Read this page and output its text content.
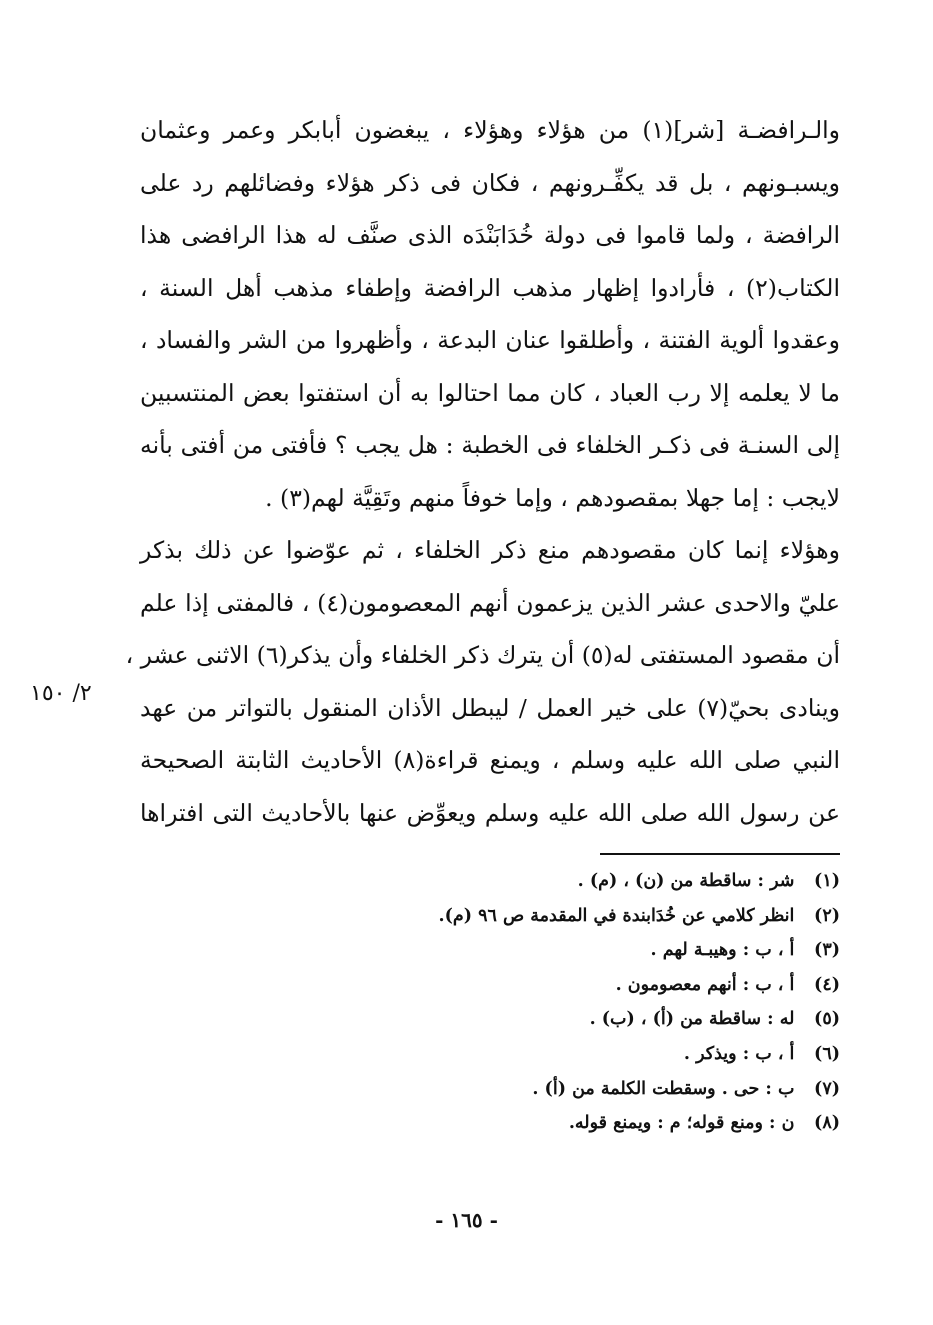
والـرافضـة [شر](١) من هؤلاء وهؤلاء ، يبغضون أبابكر وعمر وعثمان
ويسبـونهم ، بل قد يكفِّـرونهم ، فكان فى ذكر هؤلاء وفضائلهم رد على
الرافضة ، ولما قاموا فى دولة خُدَابَنْدَه الذى صنَّف له هذا الرافضى هذا
الكتاب(٢) ، فأرادوا إظهار مذهب الرافضة وإطفاء مذهب أهل السنة ،
وعقدوا ألوية الفتنة ، وأطلقوا عنان البدعة ، وأظهروا من الشر والفساد ،
ما لا يعلمه إلا رب العباد ، كان مما احتالوا به أن استفتوا بعض المنتسبين
إلى السنـة فى ذكـر الخلفاء فى الخطبة : هل يجب ؟ فأفتى من أفتى بأنه
لايجب : إما جهلا بمقصودهم ، وإما خوفاً منهم وتَقِيَّة لهم(٣) .
وهؤلاء إنما كان مقصودهم منع ذكر الخلفاء ، ثم عوّضوا عن ذلك بذكر
عليّ والاحدى عشر الذين يزعمون أنهم المعصومون(٤) ، فالمفتى إذا علم
أن مقصود المستفتى له(٥) أن يترك ذكر الخلفاء وأن يذكر(٦) الاثنى عشر ،
وينادى بحيّ(٧) على خير العمل / ليبطل الأذان المنقول بالتواتر من عهد
النبي صلى الله عليه وسلم ، ويمنع قراءة(٨) الأحاديث الثابتة الصحيحة
عن رسول الله صلى الله عليه وسلم ويعوِّض عنها بالأحاديث التى افتراها
٢/ ١٥٠
(١) شر : ساقطة من (ن) ، (م) .
(٢) انظر كلامي عن خُدَابندة في المقدمة ص ٩٦ (م).
(٣) أ ، ب : وهيبـة لهم .
(٤) أ ، ب : أنهم معصومون .
(٥) له : ساقطة من (أ) ، (ب) .
(٦) أ ، ب : ويذكر .
(٧) ب : حى . وسقطت الكلمة من (أ) .
(٨) ن : ومنع قوله؛ م : ويمنع قوله.
- ١٦٥ -
